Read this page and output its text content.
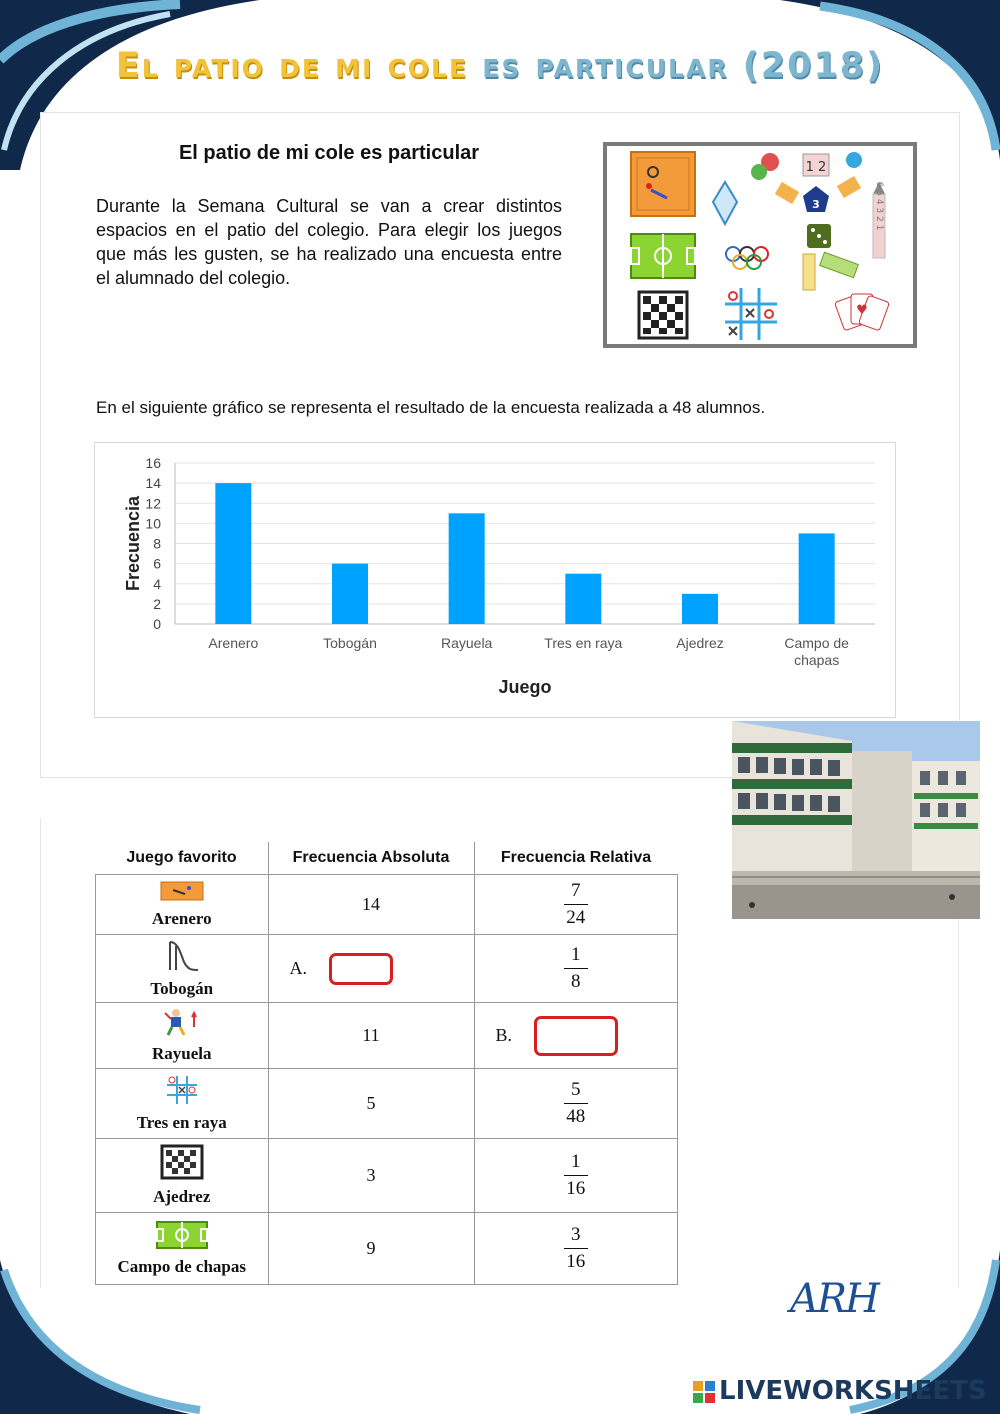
El patio de mi cole es particular (2018)
El patio de mi cole es particular
Durante la Semana Cultural se van a crear distintos espacios en el patio del colegio. Para elegir los juegos que más les gusten, se ha realizado una encuesta entre el alumnado del colegio.
1 2
3	6 5 4 3 2 1
♥
En el siguiente gráfico se representa el resultado de la encuesta realizada a 48 alumnos.
0
2
4
6
8
10
12
14
16
Arenero	Tobogán	Rayuela	Tres en raya	Ajedrez	Campo de
chapas
Juego
Frecuencia
Juego favorito	Frecuencia Absoluta	Frecuencia Relativa

Arenero	14	$\frac{7}{24}$

Tobogán	A.	$\frac{1}{8}$

Rayuela	11	B.

Tres en raya	5	$\frac{5}{48}$

Ajedrez	3	$\frac{1}{16}$

Campo de chapas	9	$\frac{3}{16}$
ARH
LIVEWORKSHEETS
